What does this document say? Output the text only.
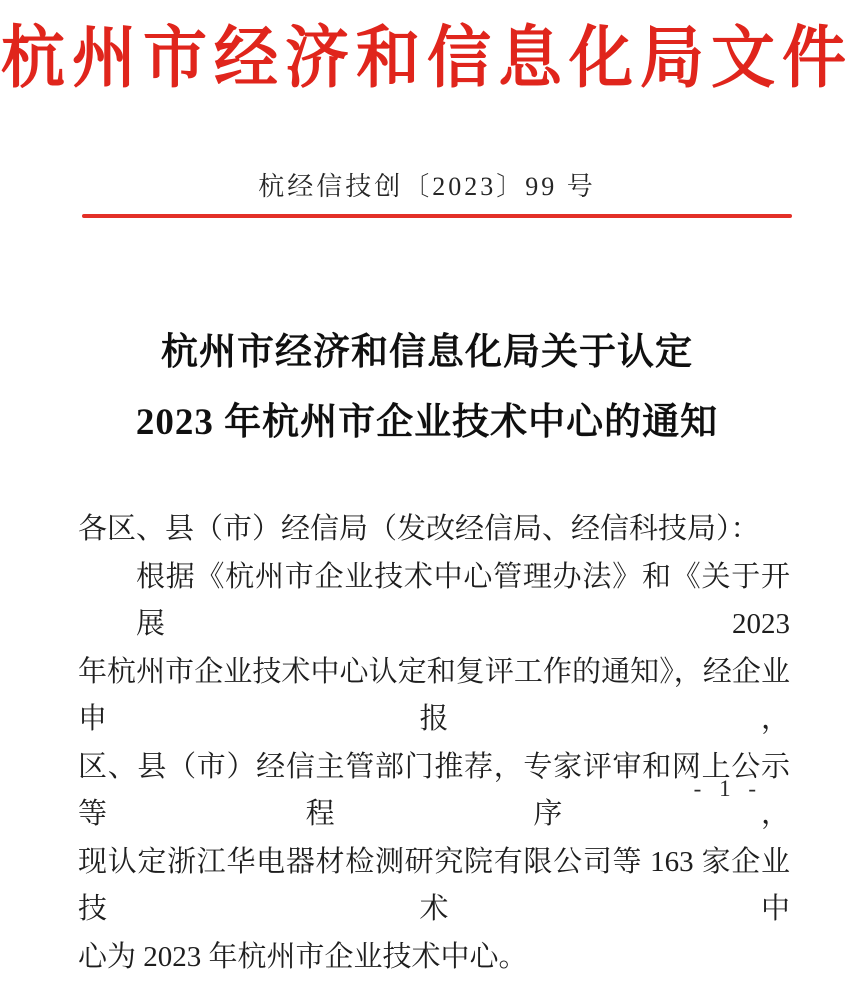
杭州市经济和信息化局文件
杭经信技创〔2023〕99 号
杭州市经济和信息化局关于认定
2023 年杭州市企业技术中心的通知
各区、县（市）经信局（发改经信局、经信科技局）：
根据《杭州市企业技术中心管理办法》和《关于开展 2023
年杭州市企业技术中心认定和复评工作的通知》，经企业申报，
区、县（市）经信主管部门推荐，专家评审和网上公示等程序，
现认定浙江华电器材检测研究院有限公司等 163 家企业技术中
心为 2023 年杭州市企业技术中心。
- 1 -
